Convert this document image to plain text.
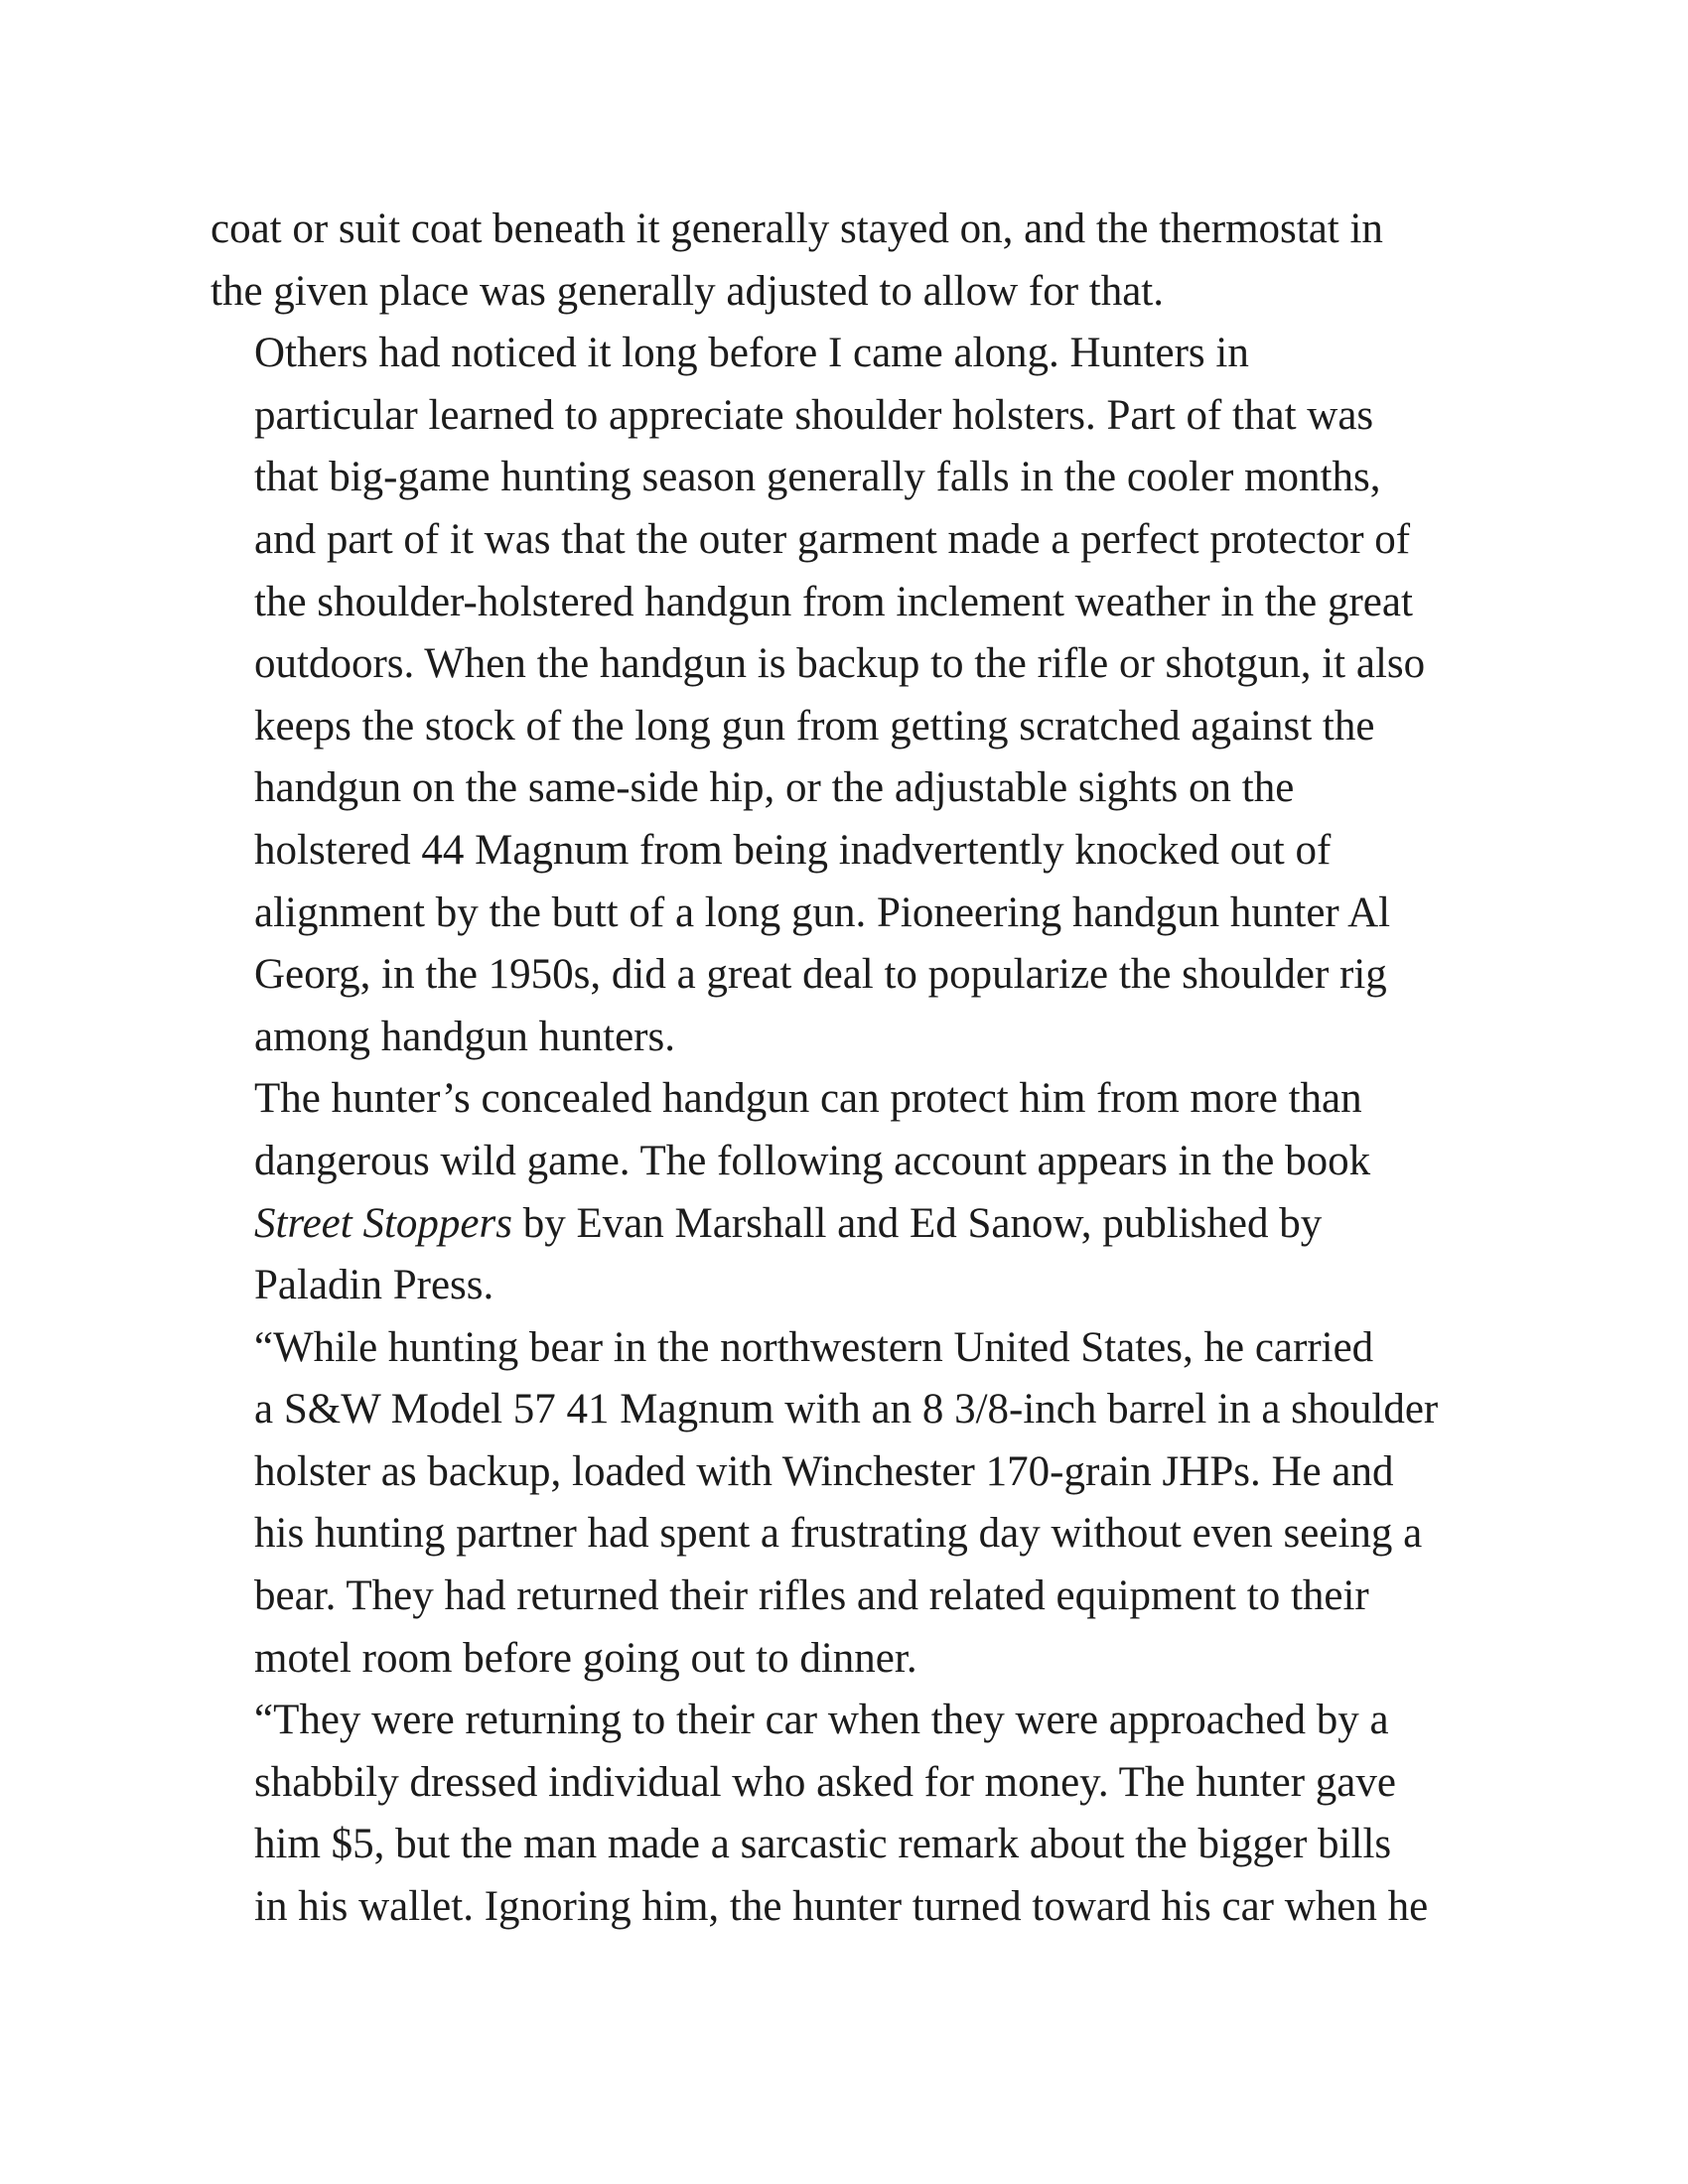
coat or suit coat beneath it generally stayed on, and the thermostat in
the given place was generally adjusted to allow for that.

Others had noticed it long before I came along. Hunters in
particular learned to appreciate shoulder holsters. Part of that was
that big-game hunting season generally falls in the cooler months,
and part of it was that the outer garment made a perfect protector of
the shoulder-holstered handgun from inclement weather in the great
outdoors. When the handgun is backup to the rifle or shotgun, it also
keeps the stock of the long gun from getting scratched against the
handgun on the same-side hip, or the adjustable sights on the
holstered 44 Magnum from being inadvertently knocked out of
alignment by the butt of a long gun. Pioneering handgun hunter Al
Georg, in the 1950s, did a great deal to popularize the shoulder rig
among handgun hunters.

The hunter’s concealed handgun can protect him from more than
dangerous wild game. The following account appears in the book
Street Stoppers by Evan Marshall and Ed Sanow, published by
Paladin Press.

“While hunting bear in the northwestern United States, he carried
a S&W Model 57 41 Magnum with an 8 3/8-inch barrel in a shoulder
holster as backup, loaded with Winchester 170-grain JHPs. He and
his hunting partner had spent a frustrating day without even seeing a
bear. They had returned their rifles and related equipment to their
motel room before going out to dinner.

“They were returning to their car when they were approached by a
shabbily dressed individual who asked for money. The hunter gave
him $5, but the man made a sarcastic remark about the bigger bills
in his wallet. Ignoring him, the hunter turned toward his car when he
